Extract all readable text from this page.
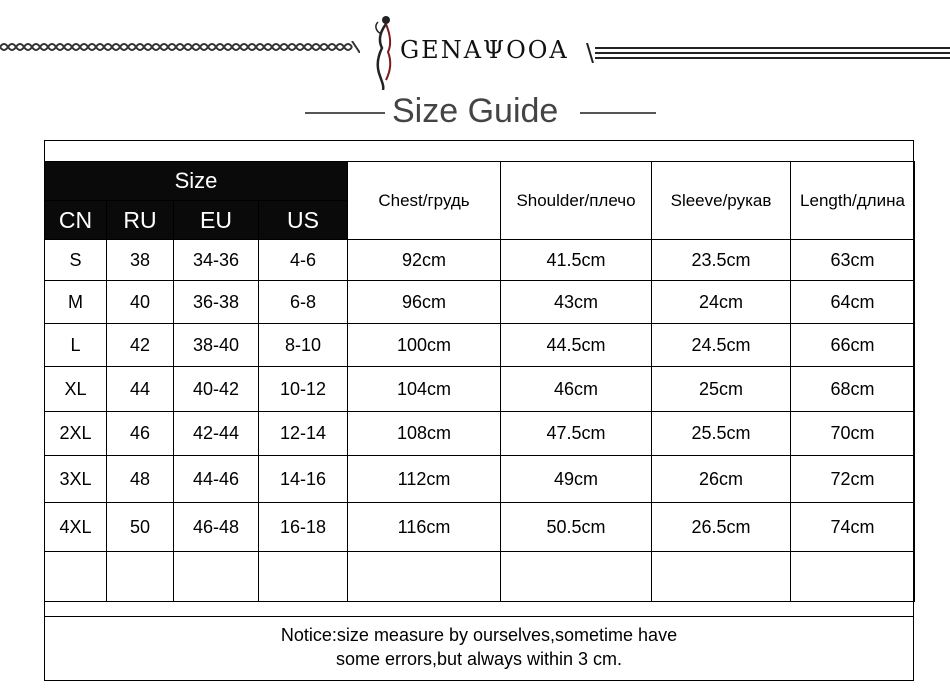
GENAΨOOA
Size Guide
Size				Chest/грудь	Shoulder/плечо	Sleeve/рукав	Length/длина
CN	RU	EU	US				
S	38	34-36	4-6	92cm	41.5cm	23.5cm	63cm
M	40	36-38	6-8	96cm	43cm	24cm	64cm
L	42	38-40	8-10	100cm	44.5cm	24.5cm	66cm
XL	44	40-42	10-12	104cm	46cm	25cm	68cm
2XL	46	42-44	12-14	108cm	47.5cm	25.5cm	70cm
3XL	48	44-46	14-16	112cm	49cm	26cm	72cm
4XL	50	46-48	16-18	116cm	50.5cm	26.5cm	74cm

Notice:size measure by ourselves,sometime have
some errors,but always within 3 cm.
